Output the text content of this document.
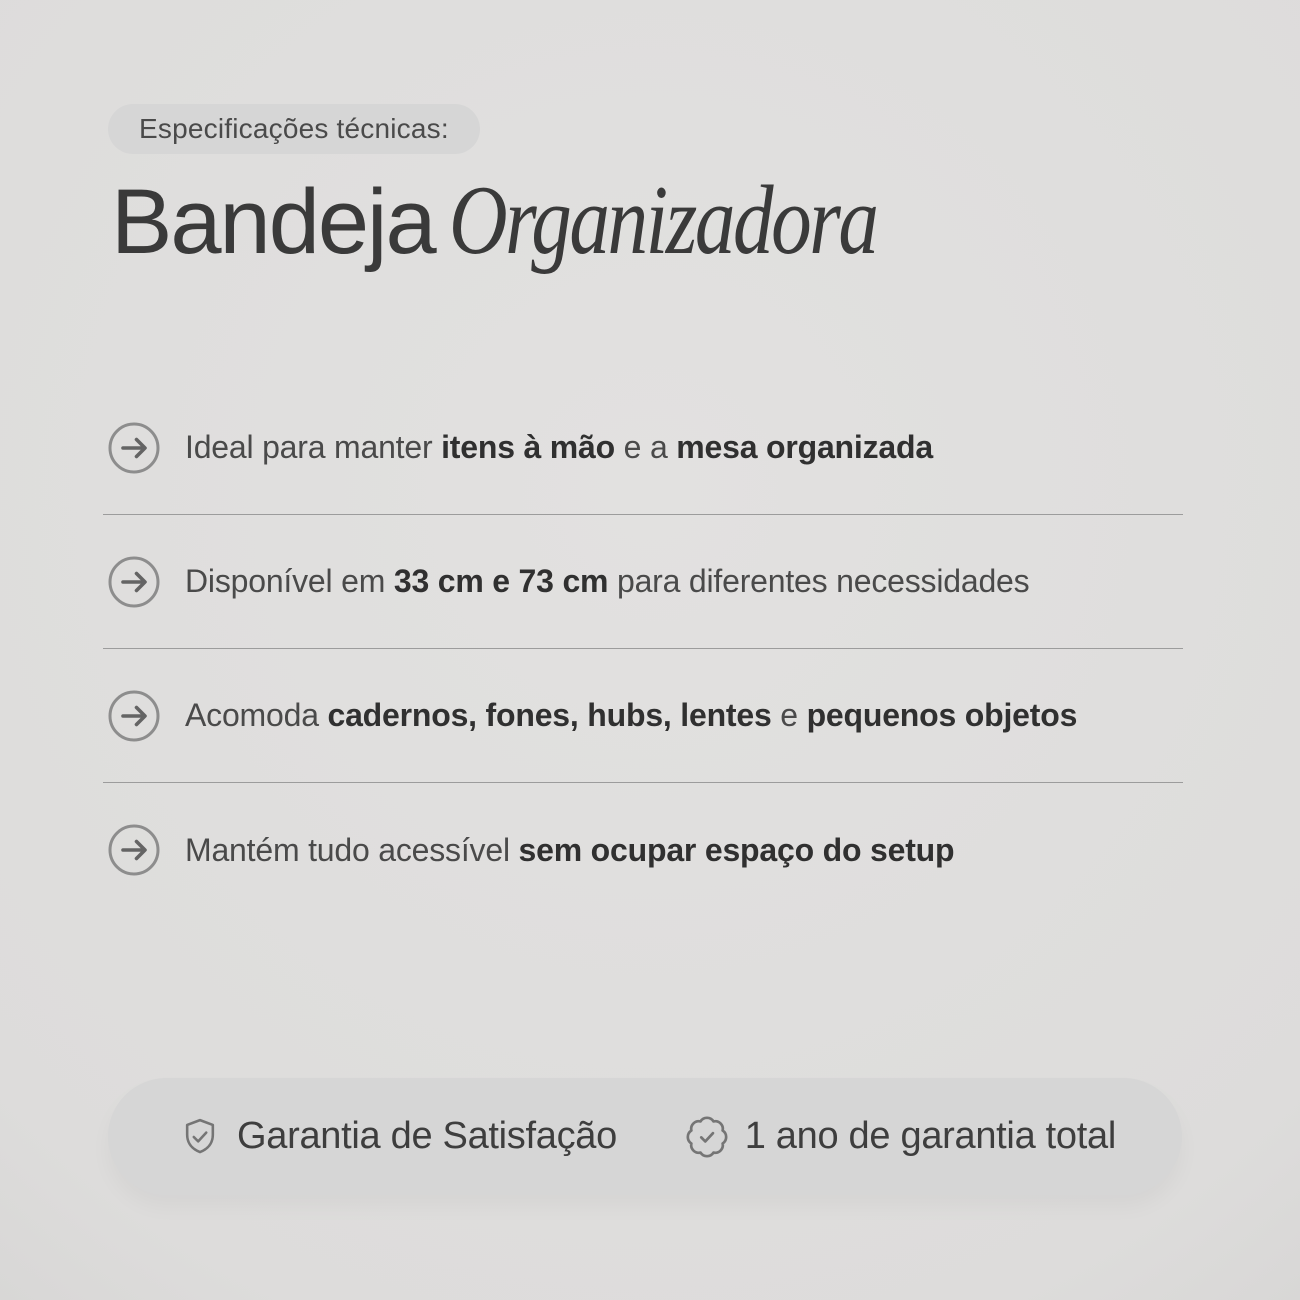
Especificações técnicas:
Bandeja Organizadora

Ideal para manter itens à mão e a mesa organizada

Disponível em 33 cm e 73 cm para diferentes necessidades

Acomoda cadernos, fones, hubs, lentes e pequenos objetos

Mantém tudo acessível sem ocupar espaço do setup

Garantia de Satisfação	1 ano de garantia total
